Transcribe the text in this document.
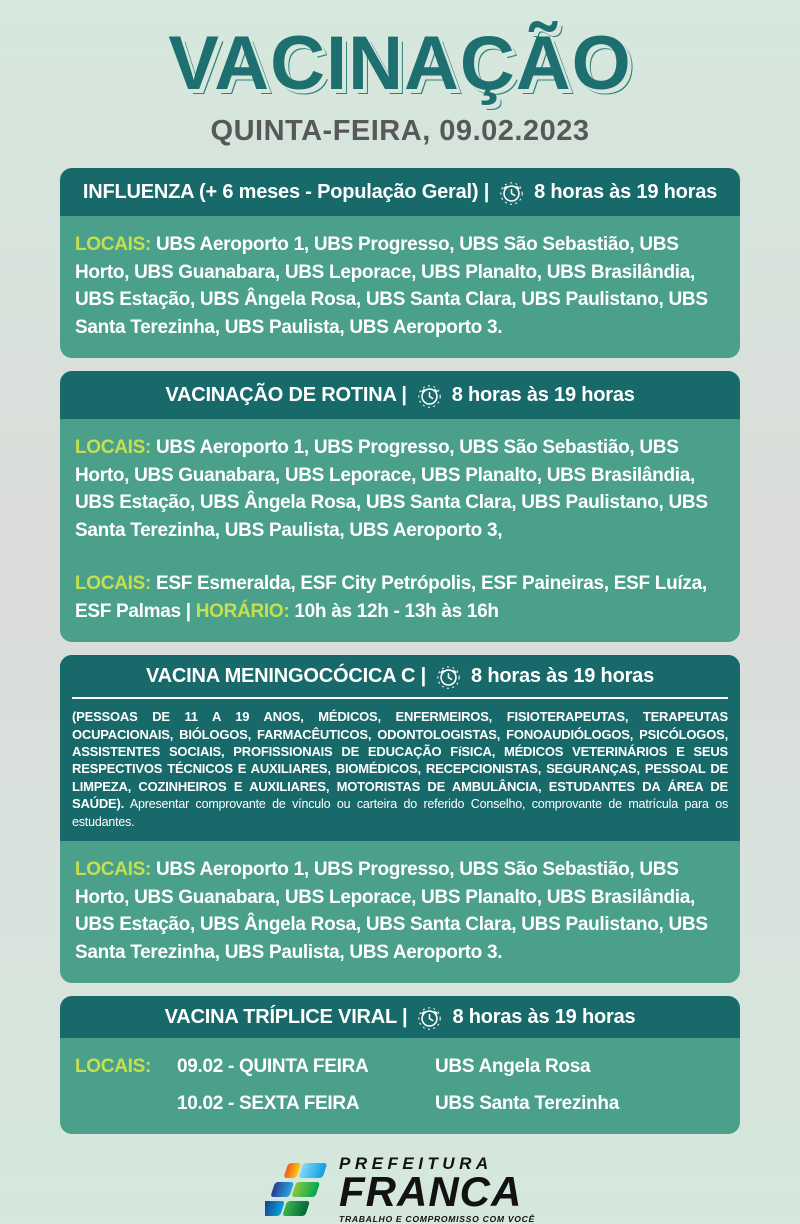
VACINAÇÃO
QUINTA-FEIRA, 09.02.2023
INFLUENZA (+ 6 meses - População Geral) | 8 horas às 19 horas

LOCAIS: UBS Aeroporto 1, UBS Progresso, UBS São Sebastião, UBS Horto, UBS Guanabara, UBS Leporace, UBS Planalto, UBS Brasilândia, UBS Estação, UBS Ângela Rosa, UBS Santa Clara, UBS Paulistano, UBS Santa Terezinha, UBS Paulista, UBS Aeroporto 3.

VACINAÇÃO DE ROTINA | 8 horas às 19 horas

LOCAIS: UBS Aeroporto 1, UBS Progresso, UBS São Sebastião, UBS Horto, UBS Guanabara, UBS Leporace, UBS Planalto, UBS Brasilândia, UBS Estação, UBS Ângela Rosa, UBS Santa Clara, UBS Paulistano, UBS Santa Terezinha, UBS Paulista, UBS Aeroporto 3,

LOCAIS: ESF Esmeralda, ESF City Petrópolis, ESF Paineiras, ESF Luíza, ESF Palmas | HORÁRIO: 10h às 12h - 13h às 16h

VACINA MENINGOCÓCICA C | 8 horas às 19 horas

(PESSOAS DE 11 A 19 ANOS, MÉDICOS, ENFERMEIROS, FISIOTERAPEUTAS, TERAPEUTAS OCUPACIONAIS, BIÓLOGOS, FARMACÊUTICOS, ODONTOLOGISTAS, FONOAUDIÓLOGOS, PSICÓLOGOS, ASSISTENTES SOCIAIS, PROFISSIONAIS DE EDUCAÇÃO FíSICA, MÉDICOS VETERINÁRIOS E SEUS RESPECTIVOS TÉCNICOS E AUXILIARES, BIOMÉDICOS, RECEPCIONISTAS, SEGURANÇAS, PESSOAL DE LIMPEZA, COZINHEIROS E AUXILIARES, MOTORISTAS DE AMBULÂNCIA, ESTUDANTES DA ÁREA DE SAÚDE). Apresentar comprovante de vínculo ou carteira do referido Conselho, comprovante de matrícula para os estudantes.

LOCAIS: UBS Aeroporto 1, UBS Progresso, UBS São Sebastião, UBS Horto, UBS Guanabara, UBS Leporace, UBS Planalto, UBS Brasilândia, UBS Estação, UBS Ângela Rosa, UBS Santa Clara, UBS Paulistano, UBS Santa Terezinha, UBS Paulista, UBS Aeroporto 3.

VACINA TRÍPLICE VIRAL | 8 horas às 19 horas
LOCAIS:	09.02 - QUINTA FEIRA	UBS Angela Rosa
10.02 - SEXTA FEIRA	UBS Santa Terezinha
PREFEITURA
FRANCA
TRABALHO E COMPROMISSO COM VOCÊ
